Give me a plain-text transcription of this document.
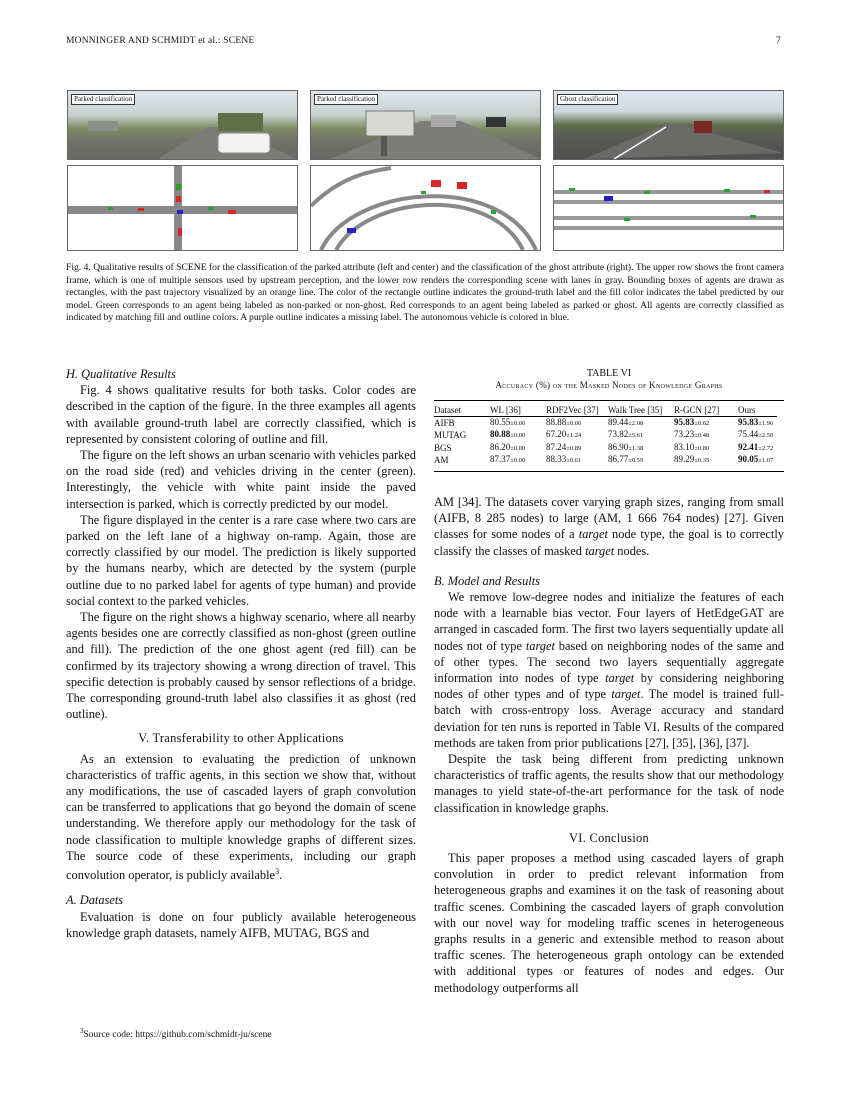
MONNINGER AND SCHMIDT et al.: SCENE	7
Parked classification	Parked classification	Ghost classification
Fig. 4. Qualitative results of SCENE for the classification of the parked attribute (left and center) and the classification of the ghost attribute (right). The upper row shows the front camera frame, which is one of multiple sensors used by upstream perception, and the lower row renders the corresponding scene with lanes in gray. Bounding boxes of agents are drawn as rectangles, with the past trajectory visualized by an orange line. The color of the rectangle outline indicates the ground-truth label and the fill color indicates the label predicted by our model. Green corresponds to an agent being labeled as non-parked or non-ghost. Red corresponds to an agent being labeled as parked or ghost. All agents are correctly classified as indicated by matching fill and outline colors. A purple outline indicates a missing label. The autonomous vehicle is colored in blue.
H. Qualitative Results

Fig. 4 shows qualitative results for both tasks. Color codes are described in the caption of the figure. In the three examples all agents with available ground-truth label are correctly classified, which is represented by consistent coloring of outline and fill.

The figure on the left shows an urban scenario with vehicles parked on the road side (red) and vehicles driving in the center (green). Interestingly, the vehicle with white paint inside the paved intersection is parked, which is correctly predicted by our model.

The figure displayed in the center is a rare case where two cars are parked on the left lane of a highway on-ramp. Again, those are correctly classified by our model. The prediction is likely supported by the humans nearby, which are detected by the system (purple outline due to no parked label for agents of type human) and provide social context to the parked vehicles.

The figure on the right shows a highway scenario, where all nearby agents besides one are correctly classified as non-ghost (green outline and fill). The prediction of the one ghost agent (red fill) can be confirmed by its trajectory showing a wrong direction of travel. This specific detection is probably caused by sensor reflections of a bridge. The corresponding ground-truth label also classifies it as ghost (red outline).

V. Transferability to other Applications

As an extension to evaluating the prediction of unknown characteristics of traffic agents, in this section we show that, without any modifications, the use of cascaded layers of graph convolution can be transferred to applications that go beyond the domain of scene understanding. We therefore apply our methodology for the task of node classification to multiple knowledge graphs of different sizes. The source code of these experiments, including our graph convolution operator, is publicly available$^3$.

A. Datasets

Evaluation is done on four publicly available heterogeneous knowledge graph datasets, namely AIFB, MUTAG, BGS and

$^3$Source code: https://github.com/schmidt-ju/scene
TABLE VI
Accuracy (%) on the Masked Nodes of Knowledge Graphs
Dataset	WL [36]	RDF2Vec [37]	Walk Tree [35]	R-GCN [27]	Ours
AIFB	80.55±0.00	88.88±0.00	89.44±2.08	95.83±0.62	95.83±1.96
MUTAG	80.88±0.00	67.20±1.24	73.82±5.61	73.23±0.48	75.44±2.50
BGS	86.20±0.00	87.24±0.89	86.90±1.38	83.10±0.80	92.41±2.72
AM	87.37±0.00	88.33±0.61	86.77±0.59	89.29±0.35	90.05±1.07
AM [34]. The datasets cover varying graph sizes, ranging from small (AIFB, 8 285 nodes) to large (AM, 1 666 764 nodes) [27]. Given classes for some nodes of a target node type, the goal is to correctly classify the classes of masked target nodes.
B. Model and Results

We remove low-degree nodes and initialize the features of each node with a learnable bias vector. Four layers of HetEdgeGAT are arranged in cascaded form. The first two layers sequentially update all nodes not of type target based on neighboring nodes of the same and of other types. The second two layers sequentially aggregate information into nodes of type target by considering neighboring nodes of other types and of type target. The model is trained full-batch with cross-entropy loss. Average accuracy and standard deviation for ten runs is reported in Table VI. Results of the compared methods are taken from prior publications [27], [35], [36], [37].

Despite the task being different from predicting unknown characteristics of traffic agents, the results show that our methodology manages to yield state-of-the-art performance for the task of node classification in knowledge graphs.

VI. Conclusion

This paper proposes a method using cascaded layers of graph convolution in order to predict relevant information from heterogeneous graphs and examines it on the task of reasoning about traffic scenes. Combining the cascaded layers of graph convolution with our novel way for modeling traffic scenes in heterogeneous graphs results in a generic and extensible method to reason about traffic scenes. The heterogeneous graph ontology can be extended with additional types or features of nodes and edges. Our methodology outperforms all
